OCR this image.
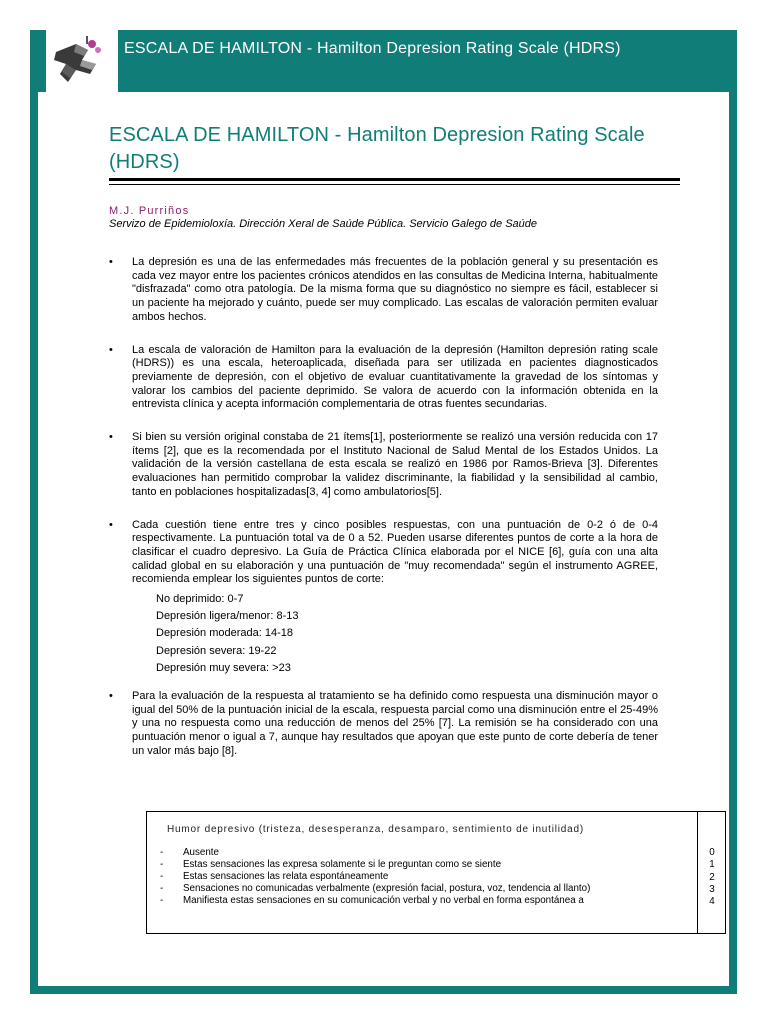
ESCALA DE HAMILTON - Hamilton Depresion Rating Scale (HDRS)
ESCALA DE HAMILTON - Hamilton Depresion Rating Scale (HDRS)
M.J. Purriños
Servizo de Epidemioloxía. Dirección Xeral de Saúde Pública. Servicio Galego de Saúde
• La depresión es una de las enfermedades más frecuentes de la población general y su presentación es cada vez mayor entre los pacientes crónicos atendidos en las consultas de Medicina Interna, habitualmente "disfrazada" como otra patología. De la misma forma que su diagnóstico no siempre es fácil, establecer si un paciente ha mejorado y cuánto, puede ser muy complicado. Las escalas de valoración permiten evaluar ambos hechos.
• La escala de valoración de Hamilton para la evaluación de la depresión (Hamilton depresión rating scale (HDRS)) es una escala, heteroaplicada, diseñada para ser utilizada en pacientes diagnosticados previamente de depresión, con el objetivo de evaluar cuantitativamente la gravedad de los síntomas y valorar los cambios del paciente deprimido. Se valora de acuerdo con la información obtenida en la entrevista clínica y acepta información complementaria de otras fuentes secundarias.
• Si bien su versión original constaba de 21 ítems[1], posteriormente se realizó una versión reducida con 17 ítems [2], que es la recomendada por el Instituto Nacional de Salud Mental de los Estados Unidos. La validación de la versión castellana de esta escala se realizó en 1986 por Ramos-Brieva [3]. Diferentes evaluaciones han permitido comprobar la validez discriminante, la fiabilidad y la sensibilidad al cambio, tanto en poblaciones hospitalizadas[3, 4] como ambulatorios[5].
• Cada cuestión tiene entre tres y cinco posibles respuestas, con una puntuación de 0-2 ó de 0-4 respectivamente. La puntuación total va de 0 a 52. Pueden usarse diferentes puntos de corte a la hora de clasificar el cuadro depresivo. La Guía de Práctica Clínica elaborada por el NICE [6], guía con una alta calidad global en su elaboración y una puntuación de "muy recomendada" según el instrumento AGREE, recomienda emplear los siguientes puntos de corte:
No deprimido: 0-7
Depresión ligera/menor: 8-13
Depresión moderada: 14-18
Depresión severa: 19-22
Depresión muy severa: >23
• Para la evaluación de la respuesta al tratamiento se ha definido como respuesta una disminución mayor o igual del 50% de la puntuación inicial de la escala, respuesta parcial como una disminución entre el 25-49% y una no respuesta como una reducción de menos del 25% [7]. La remisión se ha considerado con una puntuación menor o igual a 7, aunque hay resultados que apoyan que este punto de corte debería de tener un valor más bajo [8].
Humor depresivo (tristeza, desesperanza, desamparo, sentimiento de inutilidad)
- Ausente
- Estas sensaciones las expresa solamente si le preguntan como se siente
- Estas sensaciones las relata espontáneamente
- Sensaciones no comunicadas verbalmente (expresión facial, postura, voz, tendencia al llanto)
- Manifiesta estas sensaciones en su comunicación verbal y no verbal en forma espontánea a
0
1
2
3
4
